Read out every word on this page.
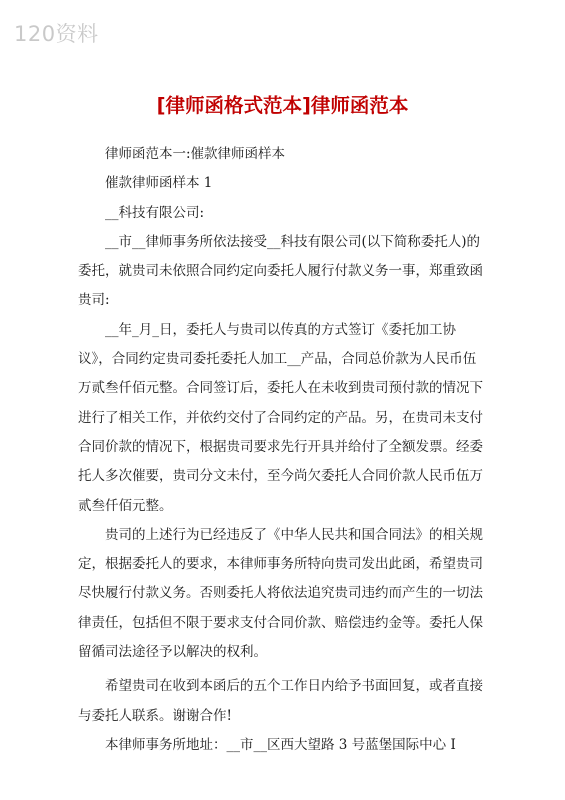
120资料
[律师函格式范本]律师函范本

律师函范本一:催款律师函样本

催款律师函样本 1

__科技有限公司:

__市__律师事务所依法接受__科技有限公司(以下简称委托人)的委托，就贵司未依照合同约定向委托人履行付款义务一事，郑重致函贵司:

__年_月_日，委托人与贵司以传真的方式签订《委托加工协议》，合同约定贵司委托委托人加工__产品，合同总价款为人民币伍万贰叁仟佰元整。合同签订后，委托人在未收到贵司预付款的情况下进行了相关工作，并依约交付了合同约定的产品。另，在贵司未支付合同价款的情况下，根据贵司要求先行开具并给付了全额发票。经委托人多次催要，贵司分文未付，至今尚欠委托人合同价款人民币伍万贰叁仟佰元整。

贵司的上述行为已经违反了《中华人民共和国合同法》的相关规定，根据委托人的要求，本律师事务所特向贵司发出此函，希望贵司尽快履行付款义务。否则委托人将依法追究贵司违约而产生的一切法律责任，包括但不限于要求支付合同价款、赔偿违约金等。委托人保留循司法途径予以解决的权利。

希望贵司在收到本函后的五个工作日内给予书面回复，或者直接与委托人联系。谢谢合作!

本律师事务所地址：__市__区西大望路 3 号蓝堡国际中心 I
